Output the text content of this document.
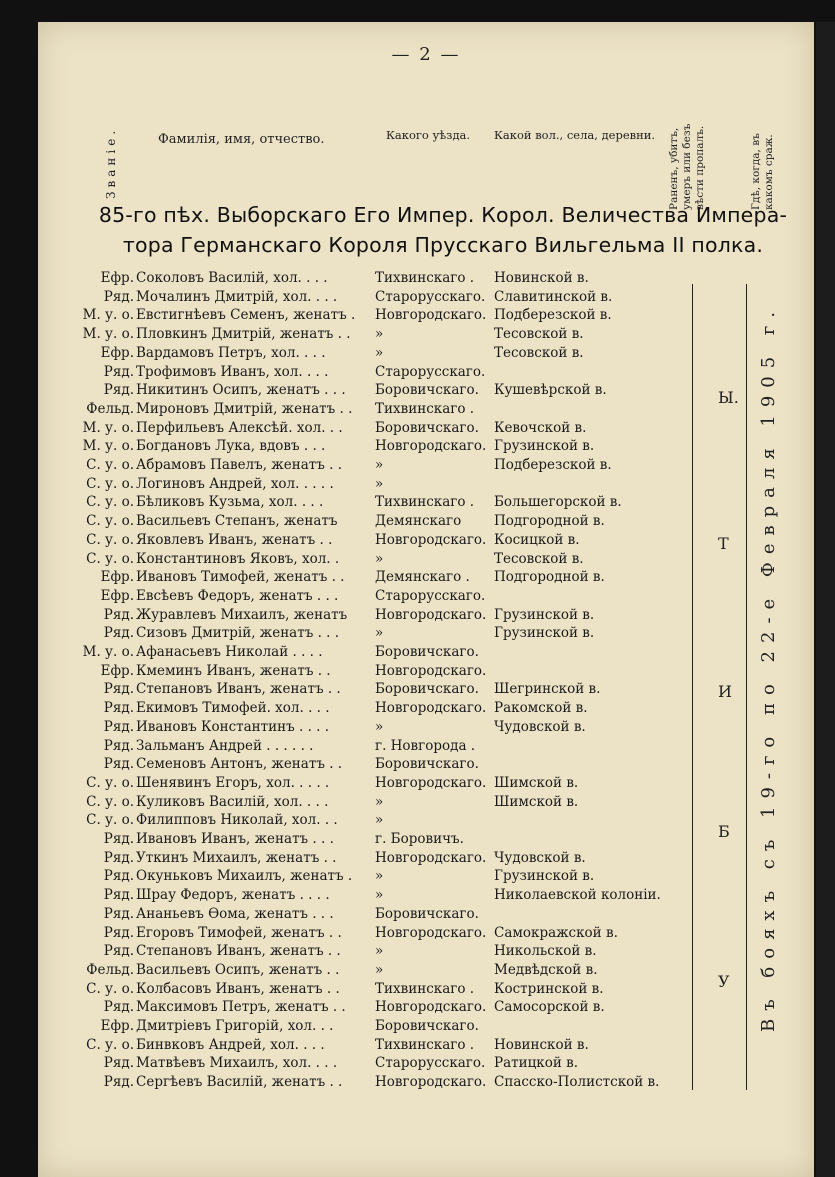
— 2 —
Званіе.	Фамилія, имя, отчество.	Какого уѣзда. Какой вол., села, деревни. Раненъ, убитъ, умеръ или безъ вѣсти пропалъ.	Гдѣ, когда, въ какомъ сраж.
85-го пѣх. Выборскаго Его Импер. Корол. Величества Импера-
тора Германскаго Короля Прусскаго Вильгельма II полка.
Ефр. Соколовъ Василій, хол. . . .	Тихвинскаго .	Новинской в.
Ряд. Мочалинъ Дмитрій, хол. . . .	Старорусскаго. Славитинской в.
М. у. о. Евстигнѣевъ Семенъ, женатъ .	Новгородскаго. Подберезской в.
М. у. о. Пловкинъ Дмитрій, женатъ . .	»	Тесовской в.
Ефр. Вардамовъ Петръ, хол. . . .	»	Тесовской в.
Ряд. Трофимовъ Иванъ, хол. . . .	Старорусскаго.
Ряд. Никитинъ Осипъ, женатъ . . .	Боровичскаго.	Кушевѣрской в.
Фельд. Мироновъ Дмитрій, женатъ . .	Тихвинскаго .
М. у. о. Перфильевъ Алексѣй. хол. . .	Боровичскаго.	Кевочской в.
М. у. о. Богдановъ Лука, вдовъ . . .	Новгородскаго. Грузинской в.
С. у. о. Абрамовъ Павелъ, женатъ . .	»	Подберезской в.
С. у. о. Логиновъ Андрей, хол. . . . .	»
С. у. о. Бѣликовъ Кузьма, хол. . . .	Тихвинскаго .	Большегорской в.
С. у. о. Васильевъ Степанъ, женатъ	Демянскаго	Подгородной в.
С. у. о. Яковлевъ Иванъ, женатъ . .	Новгородскаго. Косицкой в.
С. у. о. Константиновъ Яковъ, хол. .	»	Тесовской в.
Ефр. Ивановъ Тимофей, женатъ . .	Демянскаго .	Подгородной в.
Ефр. Евсѣевъ Федоръ, женатъ . . .	Старорусскаго.
Ряд. Журавлевъ Михаилъ, женатъ	Новгородскаго. Грузинской в.
Ряд. Сизовъ Дмитрій, женатъ . . .	»	Грузинской в.
М. у. о. Афанасьевъ Николай . . . .	Боровичскаго.
Ефр. Кмеминъ Иванъ, женатъ . .	Новгородскаго.
Ряд. Степановъ Иванъ, женатъ . .	Боровичскаго.	Шегринской в.
Ряд. Екимовъ Тимофей. хол. . . .	Новгородскаго. Ракомской в.
Ряд. Ивановъ Константинъ . . . .	»	Чудовской в.
Ряд. Зальманъ Андрей . . . . . .	г. Новгорода .
Ряд. Семеновъ Антонъ, женатъ . .	Боровичскаго.
С. у. о. Шенявинъ Егоръ, хол. . . . .	Новгородскаго. Шимской в.
С. у. о. Куликовъ Василій, хол. . . .	»	Шимской в.
С. у. о. Филипповъ Николай, хол. . .	»
Ряд. Ивановъ Иванъ, женатъ . . .	г. Боровичъ.
Ряд. Уткинъ Михаилъ, женатъ . .	Новгородскаго. Чудовской в.
Ряд. Окуньковъ Михаилъ, женатъ .	»	Грузинской в.
Ряд. Шрау Федоръ, женатъ . . . .	»	Николаевской колоніи.
Ряд. Ананьевъ Ѳома, женатъ . . .	Боровичскаго.
Ряд. Егоровъ Тимофей, женатъ . .	Новгородскаго. Самокражской в.
Ряд. Степановъ Иванъ, женатъ . .	»	Никольской в.
Фельд. Васильевъ Осипъ, женатъ . .	»	Медвѣдской в.
С. у. о. Колбасовъ Иванъ, женатъ . .	Тихвинскаго .	Костринской в.
Ряд. Максимовъ Петръ, женатъ . .	Новгородскаго. Самосорской в.
Ефр. Дмитріевъ Григорій, хол. . .	Боровичскаго.
С. у. о. Бинвковъ Андрей, хол. . . .	Тихвинскаго .	Новинской в.
Ряд. Матвѣевъ Михаилъ, хол. . . .	Старорусскаго. Ратицкой в.
Ряд. Сергѣевъ Василій, женатъ . .	Новгородскаго. Спасско-Полистской в.
У
Б
И
Т
Ы. Въ бояхъ съ 19-го по 22-е Февраля 1905 г.
